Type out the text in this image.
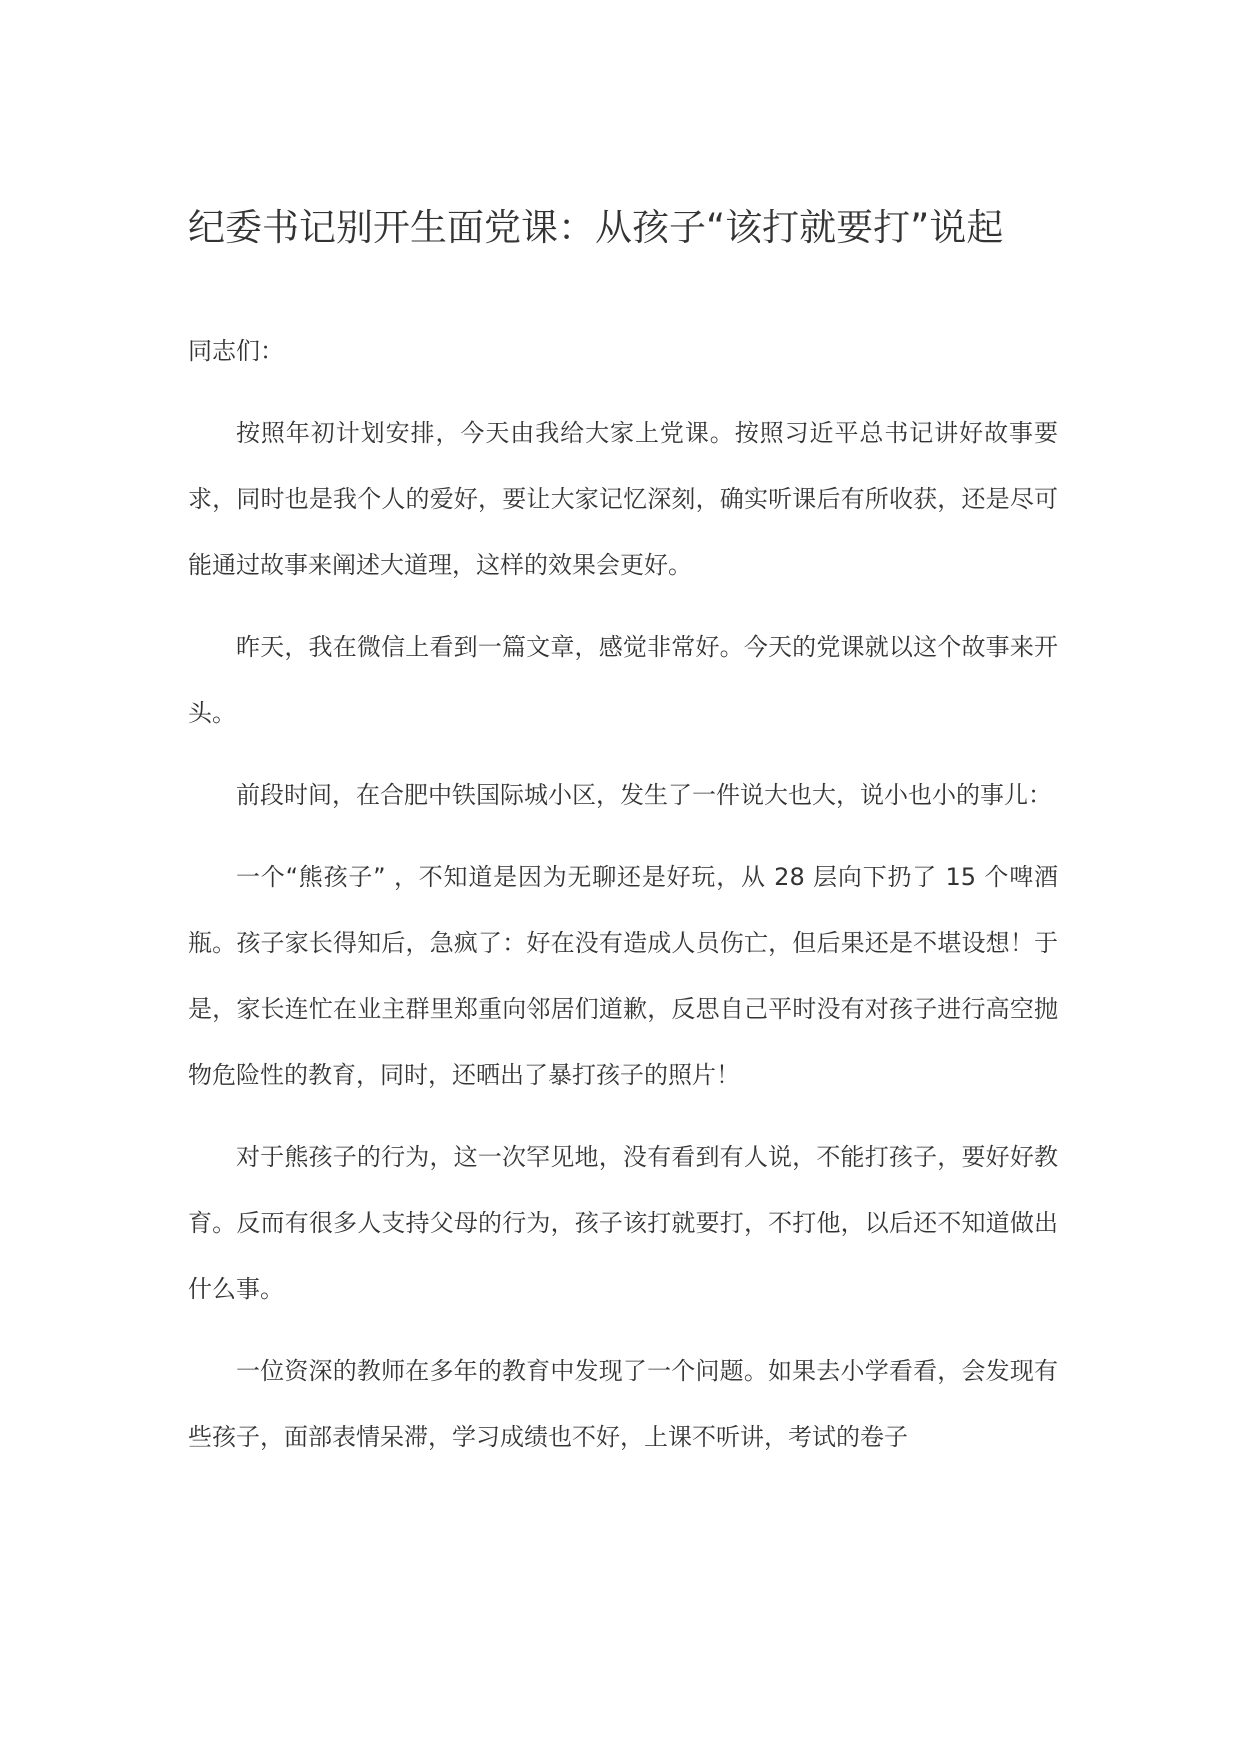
纪委书记别开生面党课：从孩子“该打就要打”说起

同志们：

按照年初计划安排，今天由我给大家上党课。按照习近平总书记讲好故事要求，同时也是我个人的爱好，要让大家记忆深刻，确实听课后有所收获，还是尽可能通过故事来阐述大道理，这样的效果会更好。

昨天，我在微信上看到一篇文章，感觉非常好。今天的党课就以这个故事来开头。

前段时间，在合肥中铁国际城小区，发生了一件说大也大，说小也小的事儿：

一个“熊孩子” ，不知道是因为无聊还是好玩，从 28 层向下扔了 15 个啤酒瓶。孩子家长得知后，急疯了：好在没有造成人员伤亡，但后果还是不堪设想！于是，家长连忙在业主群里郑重向邻居们道歉，反思自己平时没有对孩子进行高空抛物危险性的教育，同时，还晒出了暴打孩子的照片！

对于熊孩子的行为，这一次罕见地，没有看到有人说，不能打孩子，要好好教育。反而有很多人支持父母的行为，孩子该打就要打，不打他，以后还不知道做出什么事。

一位资深的教师在多年的教育中发现了一个问题。如果去小学看看，会发现有些孩子，面部表情呆滞，学习成绩也不好，上课不听讲，考试的卷子
